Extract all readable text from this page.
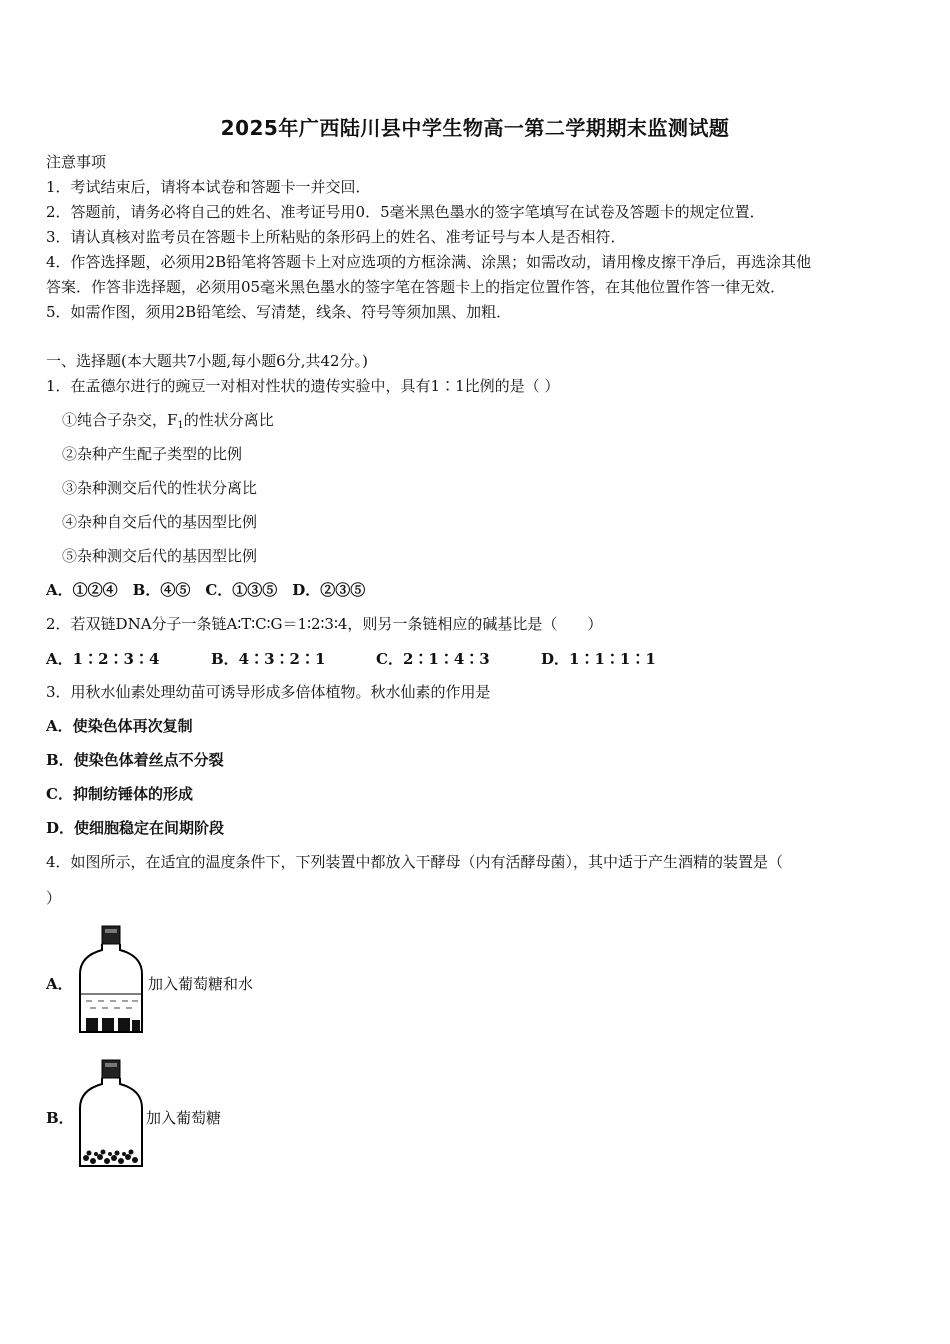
2025年广西陆川县中学生物高一第二学期期末监测试题
注意事项
1．考试结束后，请将本试卷和答题卡一并交回．
2．答题前，请务必将自己的姓名、准考证号用0．5毫米黑色墨水的签字笔填写在试卷及答题卡的规定位置．
3．请认真核对监考员在答题卡上所粘贴的条形码上的姓名、准考证号与本人是否相符．
4．作答选择题，必须用2B铅笔将答题卡上对应选项的方框涂满、涂黑；如需改动，请用橡皮擦干净后，再选涂其他
答案．作答非选择题，必须用05毫米黑色墨水的签字笔在答题卡上的指定位置作答，在其他位置作答一律无效．
5．如需作图，须用2B铅笔绘、写清楚，线条、符号等须加黑、加粗．
一、选择题(本大题共7小题,每小题6分,共42分。)
1．在孟德尔进行的豌豆一对相对性状的遗传实验中，具有1∶1比例的是（ ）
①纯合子杂交，$F_1$的性状分离比
②杂种产生配子类型的比例
③杂种测交后代的性状分离比
④杂种自交后代的基因型比例
⑤杂种测交后代的基因型比例
A．①②④　B．④⑤　C．①③⑤　D．②③⑤
2．若双链DNA分子一条链A∶T∶C∶G＝1∶2∶3∶4，则另一条链相应的碱基比是（　　）
A．1∶2∶3∶4	B．4∶3∶2∶1	C．2∶1∶4∶3	D．1∶1∶1∶1
3．用秋水仙素处理幼苗可诱导形成多倍体植物。秋水仙素的作用是
A．使染色体再次复制
B．使染色体着丝点不分裂
C．抑制纺锤体的形成
D．使细胞稳定在间期阶段
4．如图所示，在适宜的温度条件下，下列装置中都放入干酵母（内有活酵母菌），其中适于产生酒精的装置是（
）
A．	加入葡萄糖和水
B．	加入葡萄糖
